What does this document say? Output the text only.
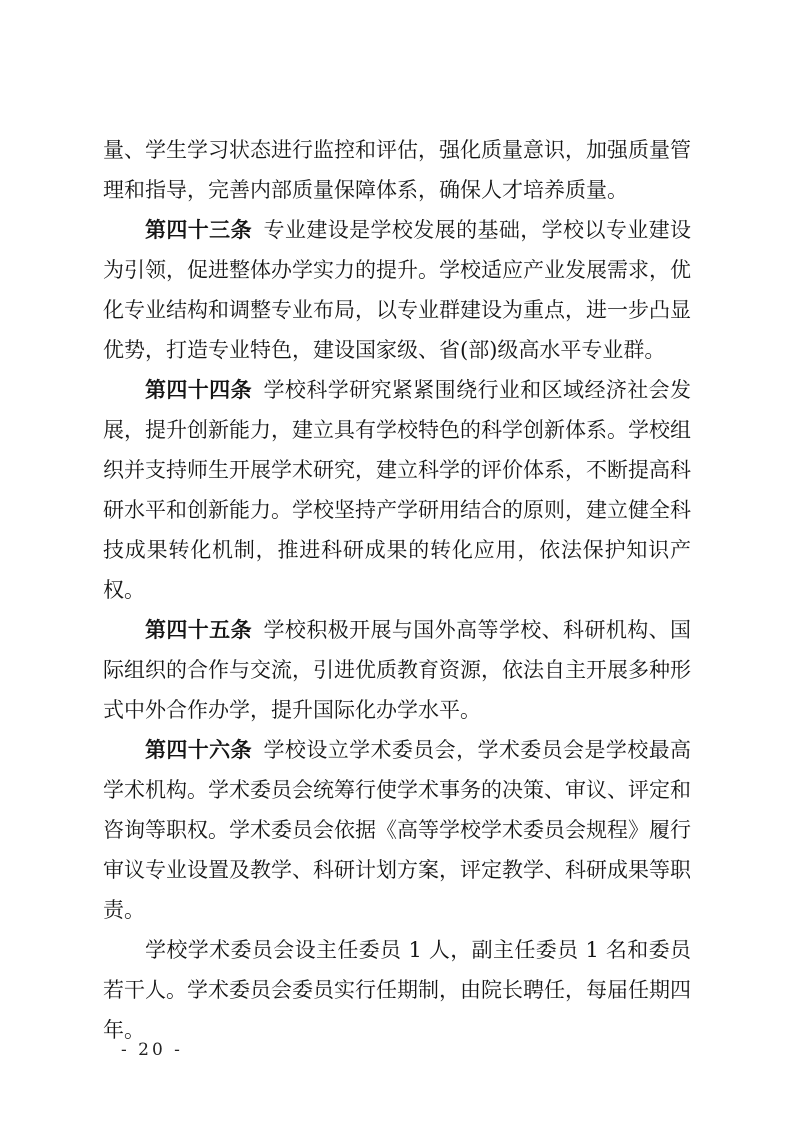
量、学生学习状态进行监控和评估，强化质量意识，加强质量管理和指导，完善内部质量保障体系，确保人才培养质量。

第四十三条 专业建设是学校发展的基础，学校以专业建设为引领，促进整体办学实力的提升。学校适应产业发展需求，优化专业结构和调整专业布局，以专业群建设为重点，进一步凸显优势，打造专业特色，建设国家级、省(部)级高水平专业群。

第四十四条 学校科学研究紧紧围绕行业和区域经济社会发展，提升创新能力，建立具有学校特色的科学创新体系。学校组织并支持师生开展学术研究，建立科学的评价体系，不断提高科研水平和创新能力。学校坚持产学研用结合的原则，建立健全科技成果转化机制，推进科研成果的转化应用，依法保护知识产权。

第四十五条 学校积极开展与国外高等学校、科研机构、国际组织的合作与交流，引进优质教育资源，依法自主开展多种形式中外合作办学，提升国际化办学水平。

第四十六条 学校设立学术委员会，学术委员会是学校最高学术机构。学术委员会统筹行使学术事务的决策、审议、评定和咨询等职权。学术委员会依据《高等学校学术委员会规程》履行审议专业设置及教学、科研计划方案，评定教学、科研成果等职责。

学校学术委员会设主任委员 1 人，副主任委员 1 名和委员若干人。学术委员会委员实行任期制，由院长聘任，每届任期四年。

- 20 -
